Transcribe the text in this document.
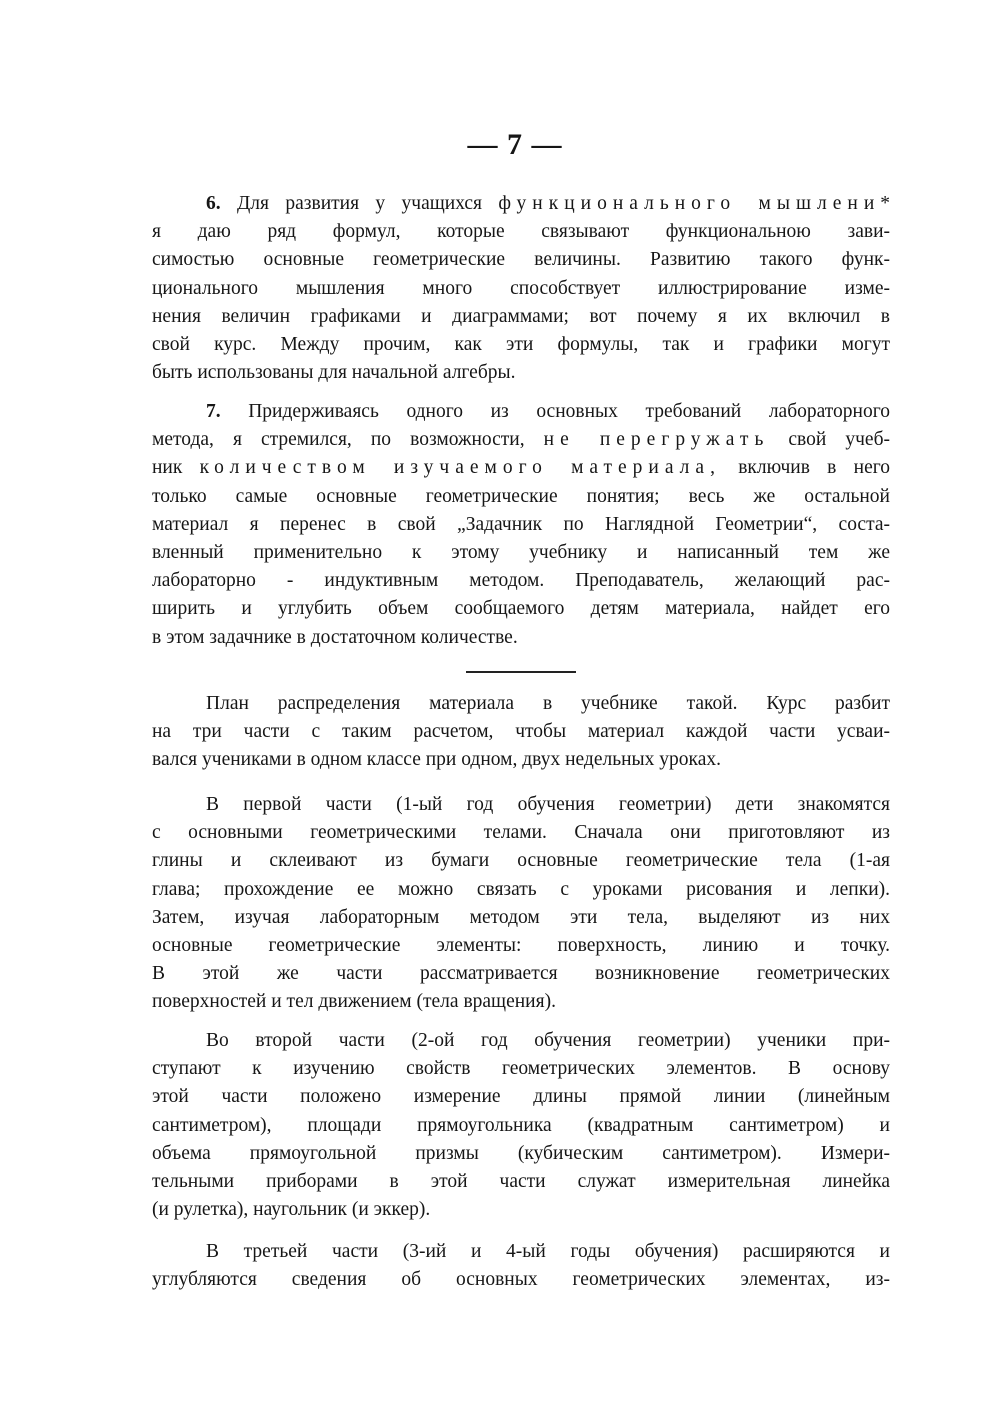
— 7 —
6. Для развития у учащихся функционального мышлени*
я даю ряд формул, которые связывают функциональною зави-
симостью основные геометрические величины. Развитию такого функ-
ционального мышления много способствует иллюстрирование изме-
нения величин графиками и диаграммами; вот почему я их включил в
свой курс. Между прочим, как эти формулы, так и графики могут
быть использованы для начальной алгебры.
7. Придерживаясь одного из основных требований лабораторного
метода, я стремился, по возможности, не перегружать свой учеб-
ник количеством изучаемого материала, включив в него
только самые основные геометрические понятия; весь же остальной
материал я перенес в свой „Задачник по Наглядной Геометрии“, соста-
вленный применительно к этому учебнику и написанный тем же
лабораторно - индуктивным методом. Преподаватель, желающий рас-
ширить и углубить объем сообщаемого детям материала, найдет его
в этом задачнике в достаточном количестве.
План распределения материала в учебнике такой. Курс разбит
на три части с таким расчетом, чтобы материал каждой части усваи-
вался учениками в одном классе при одном, двух недельных уроках.
В первой части (1-ый год обучения геометрии) дети знакомятся
с основными геометрическими телами. Сначала они приготовляют из
глины и склеивают из бумаги основные геометрические тела (1-ая
глава; прохождение ее можно связать с уроками рисования и лепки).
Затем, изучая лабораторным методом эти тела, выделяют из них
основные геометрические элементы: поверхность, линию и точку.
В этой же части рассматривается возникновение геометрических
поверхностей и тел движением (тела вращения).
Во второй части (2-ой год обучения геометрии) ученики при-
ступают к изучению свойств геометрических элементов. В основу
этой части положено измерение длины прямой линии (линейным
сантиметром), площади прямоугольника (квадратным сантиметром) и
объема прямоугольной призмы (кубическим сантиметром). Измери-
тельными приборами в этой части служат измерительная линейка
(и рулетка), наугольник (и эккер).
В третьей части (3-ий и 4-ый годы обучения) расширяются и
углубляются сведения об основных геометрических элементах, из-
